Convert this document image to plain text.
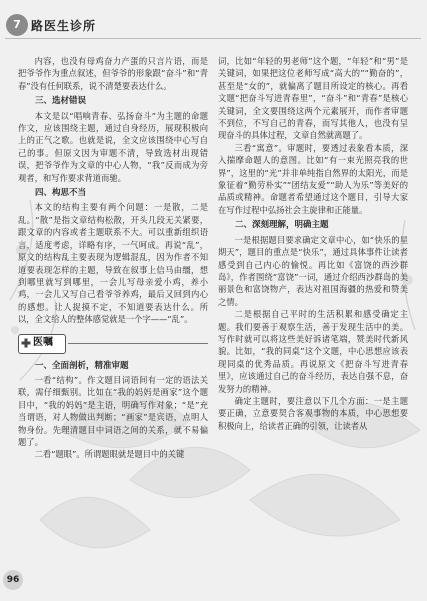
7 路医生诊所

内容，也没有母鸡奋力产蛋的只言片语，而是把爷爷作为重点叙述，但爷爷的形象跟“奋斗”和“青春”没有任何联系，说不清楚要表达什么。

三、选材错误

本文是以“唱响青春、弘扬奋斗”为主题的命题作文，应该围绕主题，通过自身经历，展现积极向上的正气之歌。也就是说，全文应该围绕中心写自己的事。但原文因为审题不清，导致选材出现错误，把爷爷作为文章的中心人物，“我”反而成为旁观者，和写作要求背道而驰。

四、构思不当

本文的结构主要有两个问题：一是散，二是乱。“散”是指文章结构松散，开头几段无关紧要，跟文章的内容或者主题联系不大。可以重新组织语言，适度考虑，详略有序，一气呵成。再说“乱”，原文的结构乱主要表现为逻辑混乱，因为作者不知道要表现怎样的主题，导致在叙事上信马由缰，想到哪里就写到哪里，一会儿写母亲爱小鸡，养小鸡，一会儿又写自己看爷爷养鸡，最后又回到内心的感想。让人捉摸不定，不知道要表达什么。所以，全文给人的整体感觉就是一个字——“乱”。

医嘱
一、全面剖析，精准审题

一看“结构”。作文题目词语间有一定的语法关联，需仔细甄别。比如在“我的妈妈是画家”这个题目中，“我的妈妈”是主语，明确写作对象；“是”充当谓语，对人物做出判断；“画家”是宾语，点明人物身份。先理清题目中词语之间的关系，就不易偏题了。

二看“题眼”。所谓题眼就是题目中的关键

词，比如“年轻的男老师”这个题，“年轻”和“男”是关键词，如果把这位老师写成“高大的”“勤奋的”，甚至是“女的”，就偏离了题目所设定的核心。再看文题“把奋斗写进青春里”，“奋斗”和“青春”是核心关键词，全文要围绕这两个元素展开，而作者审题不到位，不写自己的青春，而写其他人，也没有呈现奋斗的具体过程，文章自然就离题了。

三看“寓意”。审题时，要透过表象看本质，深入揣摩命题人的意图。比如“有一束光照亮我的世界”，这里的“光”并非单纯指自然界的太阳光，而是象征着“勤劳朴实”“团结友爱”“助人为乐”等美好的品质或精神。命题者希望通过这个题目，引导大家在写作过程中弘扬社会主旋律和正能量。

二、深刻理解，明确主题

一是根据题目要求确定文章中心，如“快乐的星期天”，题目的重点是“快乐”，通过具体事件让读者感受到自己内心的愉悦。再比如《富饶的西沙群岛》，作者围绕“富饶”一词，通过介绍西沙群岛的美丽景色和富饶物产，表达对祖国海疆的热爱和赞美之情。

二是根据自己平时的生活积累和感受确定主题。我们要善于观察生活，善于发现生活中的美。写作时就可以将这些美好诉诸笔端，赞美时代新风貌。比如，“我的同桌”这个文题，中心思想应该表现同桌的优秀品质。再说原文《把奋斗写进青春里》，应该通过自己的奋斗经历，表达自强不息，奋发努力的精神。

确定主题时，要注意以下几个方面：一是主题要正确，立意要契合客观事物的本质，中心思想要积极向上，给读者正确的引领，让读者从

96
